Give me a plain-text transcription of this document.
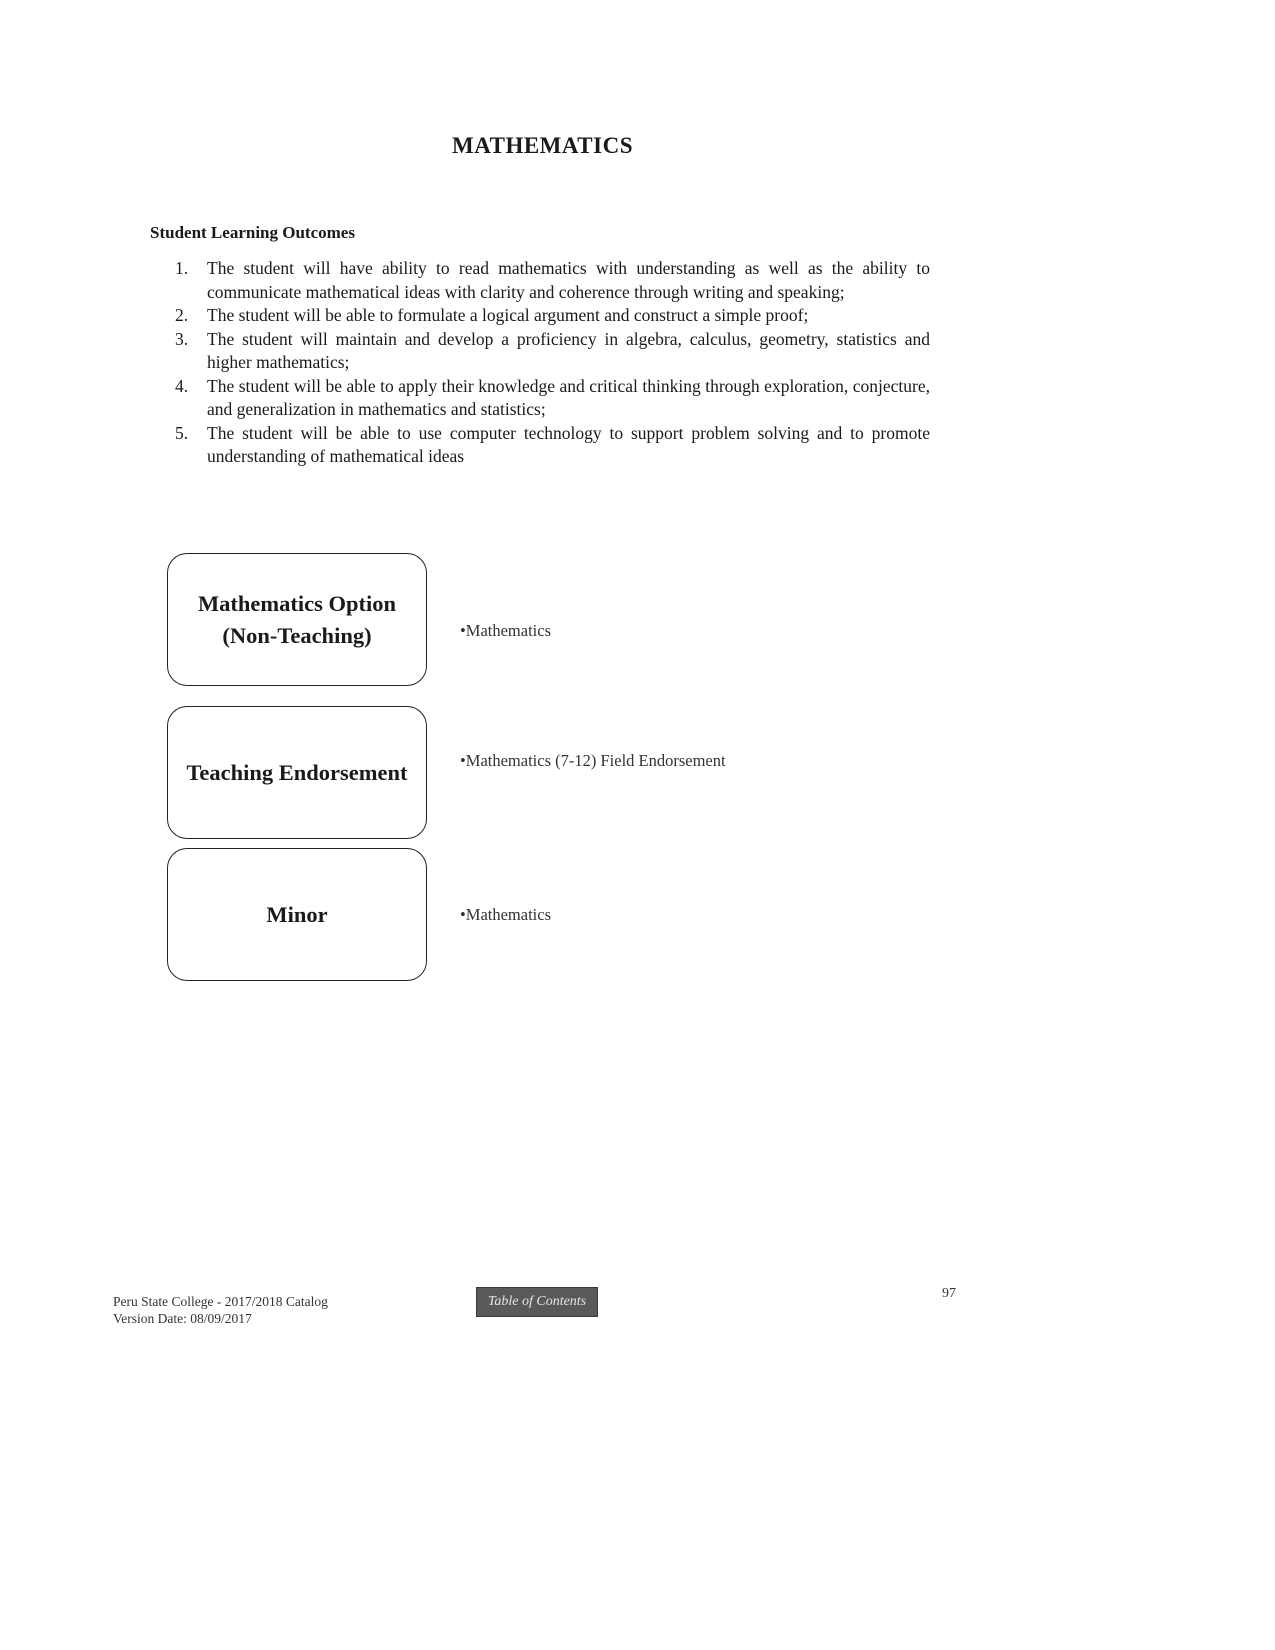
MATHEMATICS
Student Learning Outcomes
1. The student will have ability to read mathematics with understanding as well as the ability to communicate mathematical ideas with clarity and coherence through writing and speaking;
2. The student will be able to formulate a logical argument and construct a simple proof;
3. The student will maintain and develop a proficiency in algebra, calculus, geometry, statistics and higher mathematics;
4. The student will be able to apply their knowledge and critical thinking through exploration, conjecture, and generalization in mathematics and statistics;
5. The student will be able to use computer technology to support problem solving and to promote understanding of mathematical ideas
Mathematics Option
(Non-Teaching)	•Mathematics
Teaching Endorsement	•Mathematics (7-12) Field Endorsement
Minor	•Mathematics
Peru State College - 2017/2018 Catalog
Version Date: 08/09/2017
Table of Contents
97
